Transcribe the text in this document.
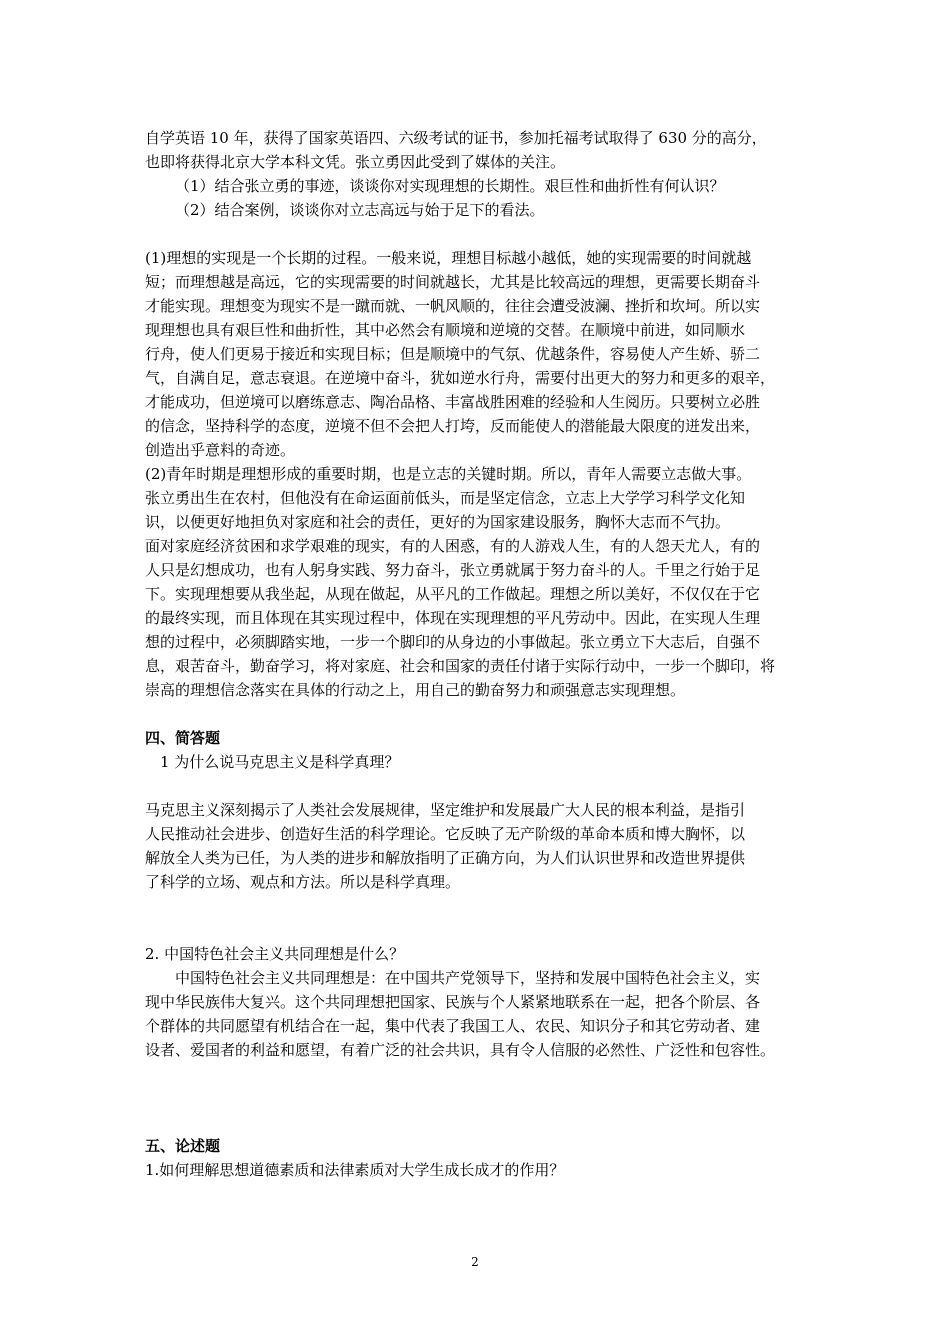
自学英语 10 年，获得了国家英语四、六级考试的证书，参加托福考试取得了 630 分的高分，
也即将获得北京大学本科文凭。张立勇因此受到了媒体的关注。
（1）结合张立勇的事迹，谈谈你对实现理想的长期性。艰巨性和曲折性有何认识？
（2）结合案例，谈谈你对立志高远与始于足下的看法。
(1)理想的实现是一个长期的过程。一般来说，理想目标越小越低，她的实现需要的时间就越
短；而理想越是高远，它的实现需要的时间就越长，尤其是比较高远的理想，更需要长期奋斗
才能实现。理想变为现实不是一蹴而就、一帆风顺的，往往会遭受波澜、挫折和坎坷。所以实
现理想也具有艰巨性和曲折性，其中必然会有顺境和逆境的交替。在顺境中前进，如同顺水
行舟，使人们更易于接近和实现目标；但是顺境中的气氛、优越条件，容易使人产生娇、骄二
气，自满自足，意志衰退。在逆境中奋斗，犹如逆水行舟，需要付出更大的努力和更多的艰辛，
才能成功，但逆境可以磨练意志、陶冶品格、丰富战胜困难的经验和人生阅历。只要树立必胜
的信念，坚持科学的态度，逆境不但不会把人打垮，反而能使人的潜能最大限度的迸发出来，
创造出乎意料的奇迹。
(2)青年时期是理想形成的重要时期，也是立志的关键时期。所以，青年人需要立志做大事。
张立勇出生在农村，但他没有在命运面前低头，而是坚定信念，立志上大学学习科学文化知
识，以便更好地担负对家庭和社会的责任，更好的为国家建设服务，胸怀大志而不气扐。
面对家庭经济贫困和求学艰难的现实，有的人困惑，有的人游戏人生，有的人怨天尤人，有的
人只是幻想成功，也有人躬身实践、努力奋斗，张立勇就属于努力奋斗的人。千里之行始于足
下。实现理想要从我坐起，从现在做起，从平凡的工作做起。理想之所以美好，不仅仅在于它
的最终实现，而且体现在其实现过程中，体现在实现理想的平凡劳动中。因此，在实现人生理
想的过程中，必须脚踏实地，一步一个脚印的从身边的小事做起。张立勇立下大志后，自强不
息，艰苦奋斗，勤奋学习，将对家庭、社会和国家的责任付诸于实际行动中，一步一个脚印，将
崇高的理想信念落实在具体的行动之上，用自己的勤奋努力和顽强意志实现理想。
四、简答题
1 为什么说马克思主义是科学真理？
马克思主义深刻揭示了人类社会发展规律，坚定维护和发展最广大人民的根本利益，是指引
人民推动社会进步、创造好生活的科学理论。它反映了无产阶级的革命本质和博大胸怀，以
解放全人类为已任，为人类的进步和解放指明了正确方向，为人们认识世界和改造世界提供
了科学的立场、观点和方法。所以是科学真理。
2. 中国特色社会主义共同理想是什么？
中国特色社会主义共同理想是：在中国共产党领导下，坚持和发展中国特色社会主义，实
现中华民族伟大复兴。这个共同理想把国家、民族与个人紧紧地联系在一起，把各个阶层、各
个群体的共同愿望有机结合在一起，集中代表了我国工人、农民、知识分子和其它劳动者、建
设者、爱国者的利益和愿望，有着广泛的社会共识，具有令人信服的必然性、广泛性和包容性。
五、论述题
1.如何理解思想道德素质和法律素质对大学生成长成才的作用？
2
